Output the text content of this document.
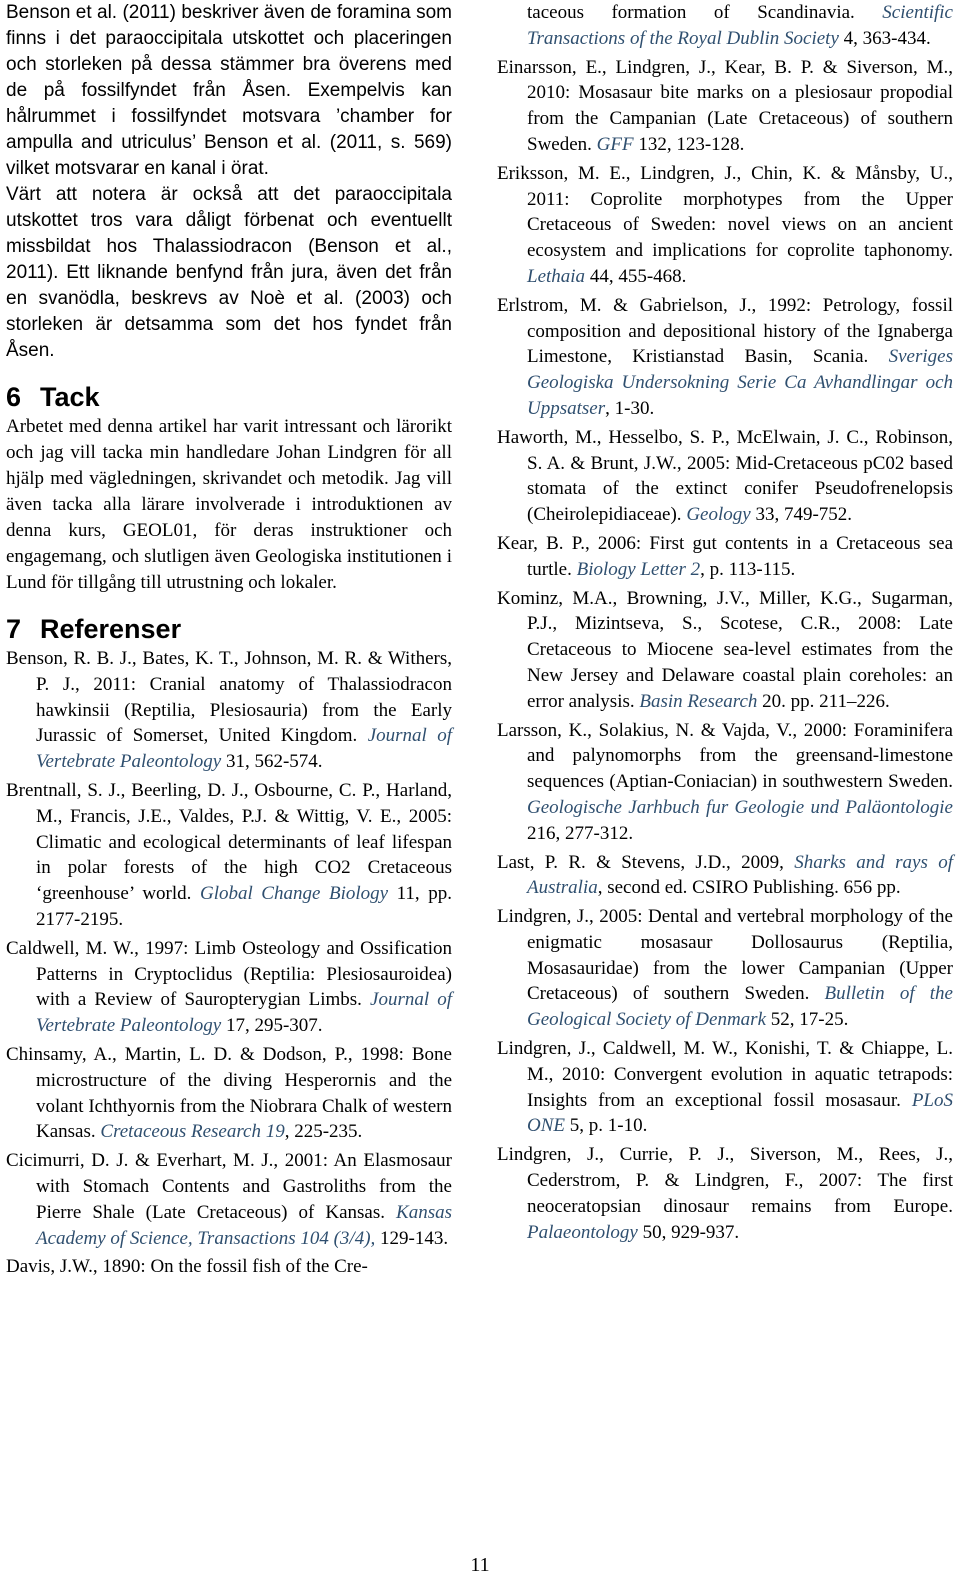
Benson et al. (2011) beskriver även de foramina som finns i det paraoccipitala utskottet och placeringen och storleken på dessa stämmer bra överens med de på fossilfyndet från Åsen. Exempelvis kan hålrummet i fossilfyndet motsvara ’chamber for ampulla and utriculus’ Benson et al. (2011, s. 569) vilket motsvarar en kanal i örat.

Värt att notera är också att det paraoccipitala utskottet tros vara dåligt förbenat och eventuellt missbildat hos Thalassiodracon (Benson et al., 2011). Ett liknande benfynd från jura, även det från en svanödla, beskrevs av Noè et al. (2003) och storleken är detsamma som det hos fyndet från Åsen.

6 Tack

Arbetet med denna artikel har varit intressant och lärorikt och jag vill tacka min handledare Johan Lindgren för all hjälp med vägledningen, skrivandet och metodik. Jag vill även tacka alla lärare involverade i introduktionen av denna kurs, GEOL01, för deras instruktioner och engagemang, och slutligen även Geologiska institutionen i Lund för tillgång till utrustning och lokaler.

7 Referenser

Benson, R. B. J., Bates, K. T., Johnson, M. R. & Withers, P. J., 2011: Cranial anatomy of Thalassiodracon hawkinsii (Reptilia, Plesiosauria) from the Early Jurassic of Somerset, United Kingdom. Journal of Vertebrate Paleontology 31, 562-574.

Brentnall, S. J., Beerling, D. J., Osbourne, C. P., Harland, M., Francis, J.E., Valdes, P.J. & Wittig, V. E., 2005: Climatic and ecological determinants of leaf lifespan in polar forests of the high CO2 Cretaceous ‘greenhouse’ world. Global Change Biology 11, pp. 2177-2195.

Caldwell, M. W., 1997: Limb Osteology and Ossification Patterns in Cryptoclidus (Reptilia: Plesiosauroidea) with a Review of Sauropterygian Limbs. Journal of Vertebrate Paleontology 17, 295-307.

Chinsamy, A., Martin, L. D. & Dodson, P., 1998: Bone microstructure of the diving Hesperornis and the volant Ichthyornis from the Niobrara Chalk of western Kansas. Cretaceous Research 19, 225-235.

Cicimurri, D. J. & Everhart, M. J., 2001: An Elasmosaur with Stomach Contents and Gastroliths from the Pierre Shale (Late Cretaceous) of Kansas. Kansas Academy of Science, Transactions 104 (3/4), 129-143.

Davis, J.W., 1890: On the fossil fish of the Cre-

taceous formation of Scandinavia. Scientific Transactions of the Royal Dublin Society 4, 363-434.

Einarsson, E., Lindgren, J., Kear, B. P. & Siverson, M., 2010: Mosasaur bite marks on a plesiosaur propodial from the Campanian (Late Cretaceous) of southern Sweden. GFF 132, 123-128.

Eriksson, M. E., Lindgren, J., Chin, K. & Månsby, U., 2011: Coprolite morphotypes from the Upper Cretaceous of Sweden: novel views on an ancient ecosystem and implications for coprolite taphonomy. Lethaia 44, 455-468.

Erlstrom, M. & Gabrielson, J., 1992: Petrology, fossil composition and depositional history of the Ignaberga Limestone, Kristianstad Basin, Scania. Sveriges Geologiska Undersokning Serie Ca Avhandlingar och Uppsatser, 1-30.

Haworth, M., Hesselbo, S. P., McElwain, J. C., Robinson, S. A. & Brunt, J.W., 2005: Mid-Cretaceous pC02 based stomata of the extinct conifer Pseudofrenelopsis (Cheirolepidiaceae). Geology 33, 749-752.

Kear, B. P., 2006: First gut contents in a Cretaceous sea turtle. Biology Letter 2, p. 113-115.

Kominz, M.A., Browning, J.V., Miller, K.G., Sugarman, P.J., Mizintseva, S., Scotese, C.R., 2008: Late Cretaceous to Miocene sea-level estimates from the New Jersey and Delaware coastal plain coreholes: an error analysis. Basin Research 20. pp. 211–226.

Larsson, K., Solakius, N. & Vajda, V., 2000: Foraminifera and palynomorphs from the greensand-limestone sequences (Aptian-Coniacian) in southwestern Sweden. Geologische Jarhbuch fur Geologie und Paläontologie 216, 277-312.

Last, P. R. & Stevens, J.D., 2009, Sharks and rays of Australia, second ed. CSIRO Publishing. 656 pp.

Lindgren, J., 2005: Dental and vertebral morphology of the enigmatic mosasaur Dollosaurus (Reptilia, Mosasauridae) from the lower Campanian (Upper Cretaceous) of southern Sweden. Bulletin of the Geological Society of Denmark 52, 17-25.

Lindgren, J., Caldwell, M. W., Konishi, T. & Chiappe, L. M., 2010: Convergent evolution in aquatic tetrapods: Insights from an exceptional fossil mosasaur. PLoS ONE 5, p. 1-10.

Lindgren, J., Currie, P. J., Siverson, M., Rees, J., Cederstrom, P. & Lindgren, F., 2007: The first neoceratopsian dinosaur remains from Europe. Palaeontology 50, 929-937.

11
